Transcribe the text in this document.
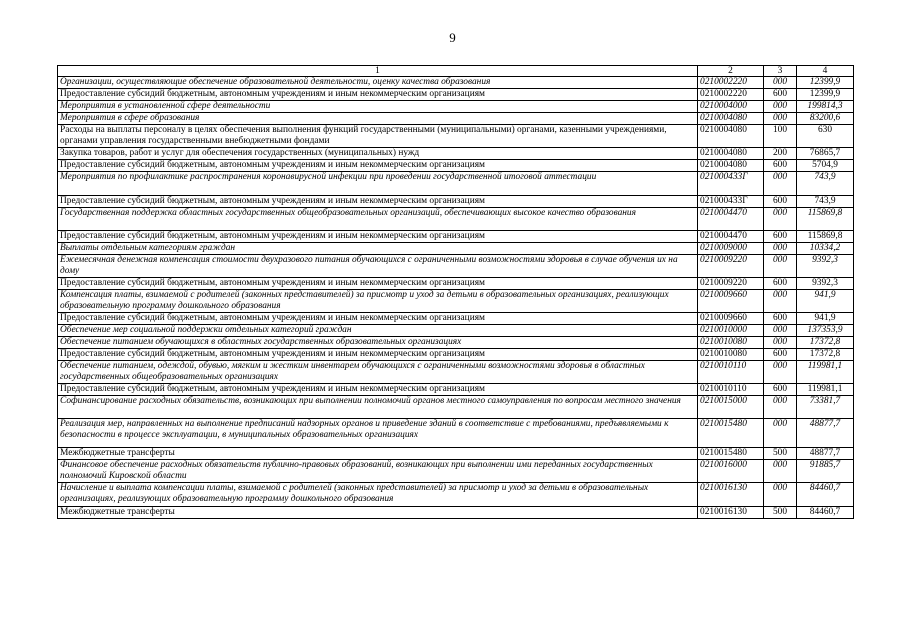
9
1	2	3	4
Организации, осуществляющие обеспечение образовательной деятельности, оценку качества образования	0210002220	000	12399,9
Предоставление субсидий бюджетным, автономным учреждениям и иным некоммерческим организациям	0210002220	600	12399,9
Мероприятия в установленной сфере деятельности	0210004000	000	199814,3
Мероприятия в сфере образования	0210004080	000	83200,6
Расходы на выплаты персоналу в целях обеспечения выполнения функций государственными (муниципальными) органами, казенными учреждениями, органами управления государственными внебюджетными фондами	0210004080	100	630
Закупка товаров, работ и услуг для обеспечения государственных (муниципальных) нужд	0210004080	200	76865,7
Предоставление субсидий бюджетным, автономным учреждениям и иным некоммерческим организациям	0210004080	600	5704,9
Мероприятия по профилактике распространения коронавирусной инфекции при проведении государственной итоговой аттестации	021000433Г	000	743,9
Предоставление субсидий бюджетным, автономным учреждениям и иным некоммерческим организациям	021000433Г	600	743,9
Государственная поддержка областных государственных общеобразовательных организаций, обеспечивающих высокое качество образования	0210004470	000	115869,8
Предоставление субсидий бюджетным, автономным учреждениям и иным некоммерческим организациям	0210004470	600	115869,8
Выплаты отдельным категориям граждан	0210009000	000	10334,2
Ежемесячная денежная компенсация стоимости двухразового питания обучающихся с ограниченными возможностями здоровья в случае обучения их на дому	0210009220	000	9392,3
Предоставление субсидий бюджетным, автономным учреждениям и иным некоммерческим организациям	0210009220	600	9392,3
Компенсация платы, взимаемой с родителей (законных представителей) за присмотр и уход за детьми в образовательных организациях, реализующих образовательную программу дошкольного образования	0210009660	000	941,9
Предоставление субсидий бюджетным, автономным учреждениям и иным некоммерческим организациям	0210009660	600	941,9
Обеспечение мер социальной поддержки отдельных категорий граждан	0210010000	000	137353,9
Обеспечение питанием обучающихся в областных государственных образовательных организациях	0210010080	000	17372,8
Предоставление субсидий бюджетным, автономным учреждениям и иным некоммерческим организациям	0210010080	600	17372,8
Обеспечение питанием, одеждой, обувью, мягким и жестким инвентарем обучающихся с ограниченными возможностями здоровья в областных государственных общеобразовательных организациях	0210010110	000	119981,1
Предоставление субсидий бюджетным, автономным учреждениям и иным некоммерческим организациям	0210010110	600	119981,1
Софинансирование расходных обязательств, возникающих при выполнении полномочий органов местного самоуправления по вопросам местного значения	0210015000	000	73381,7
Реализация мер, направленных на выполнение предписаний надзорных органов и приведение зданий в соответствие с требованиями, предъявляемыми к безопасности в процессе эксплуатации, в муниципальных образовательных организациях	0210015480	000	48877,7
Межбюджетные трансферты	0210015480	500	48877,7
Финансовое обеспечение расходных обязательств публично-правовых образований, возникающих при выполнении ими переданных государственных полномочий Кировской области	0210016000	000	91885,7
Начисление и выплата компенсации платы, взимаемой с родителей (законных представителей) за присмотр и уход за детьми в образовательных организациях, реализующих образовательную программу дошкольного образования	0210016130	000	84460,7
Межбюджетные трансферты	0210016130	500	84460,7
